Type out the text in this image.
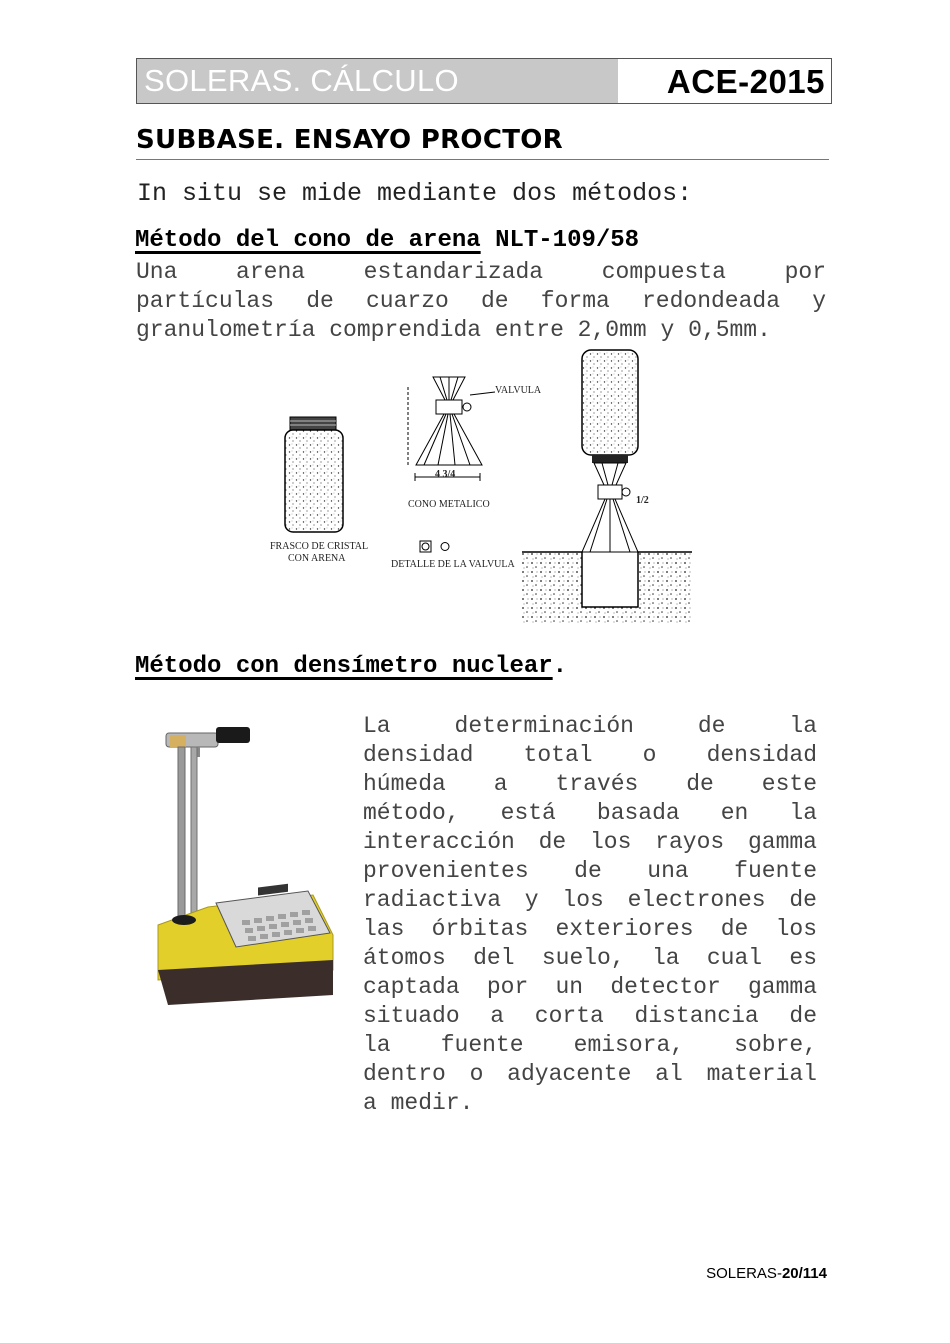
SOLERAS. CÁLCULO	ACE-2015
SUBBASE. ENSAYO PROCTOR
In situ se mide mediante dos métodos:
Método del cono de arena NLT-109/58
Una arena estandarizada compuesta por
partículas de cuarzo de forma redondeada y
granulometría comprendida entre 2,0mm y 0,5mm.
VALVULA
CONO METALICO
FRASCO DE CRISTAL
CON ARENA
DETALLE DE LA VALVULA
4 3/4
1/2
Método con densímetro nuclear.
La determinación de la
densidad total o densidad
húmeda a través de este
método, está basada en la
interacción de los rayos gamma
provenientes de una fuente
radiactiva y los electrones de
las órbitas exteriores de los
átomos del suelo, la cual es
captada por un detector gamma
situado a corta distancia de
la fuente emisora, sobre,
dentro o adyacente al material
a medir.
SOLERAS-20/114
